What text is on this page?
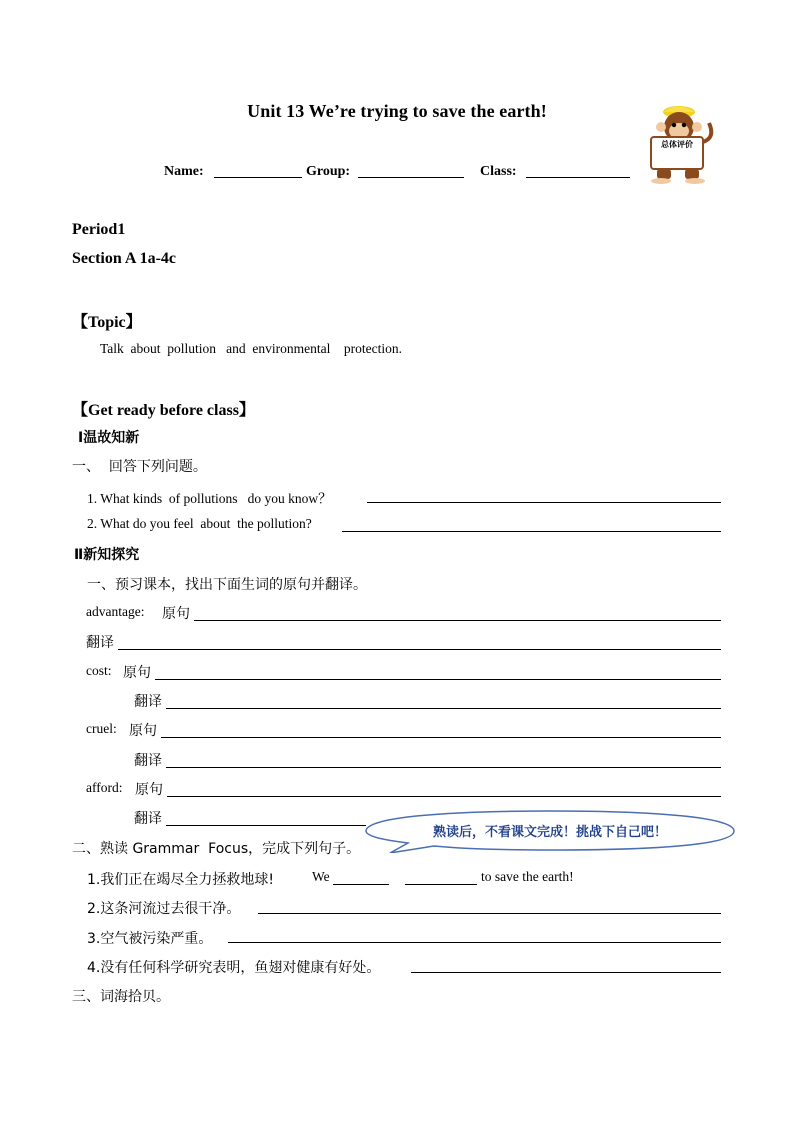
Unit 13 We’re trying to save the earth!
Name:	Group:	Class:
总体评价
Period1
Section A 1a-4c
【Topic】
Talk  about  pollution   and  environmental    protection.
【Get ready before class】
Ⅰ温故知新
一、  回答下列问题。
1. What kinds  of pollutions   do you know？
2. What do you feel  about  the pollution?
Ⅱ新知探究
一、预习课本，找出下面生词的原句并翻译。
advantage: 原句
翻译
cost: 原句
翻译
cruel: 原句
翻译
afford: 原句
翻译
熟读后，不看课文完成！挑战下自己吧！
二、熟读 Grammar  Focus，完成下列句子。
1.我们正在竭尽全力拯救地球!	We	to save the earth!
2.这条河流过去很干净。
3.空气被污染严重。
4.没有任何科学研究表明，鱼翅对健康有好处。
三、词海拾贝。
